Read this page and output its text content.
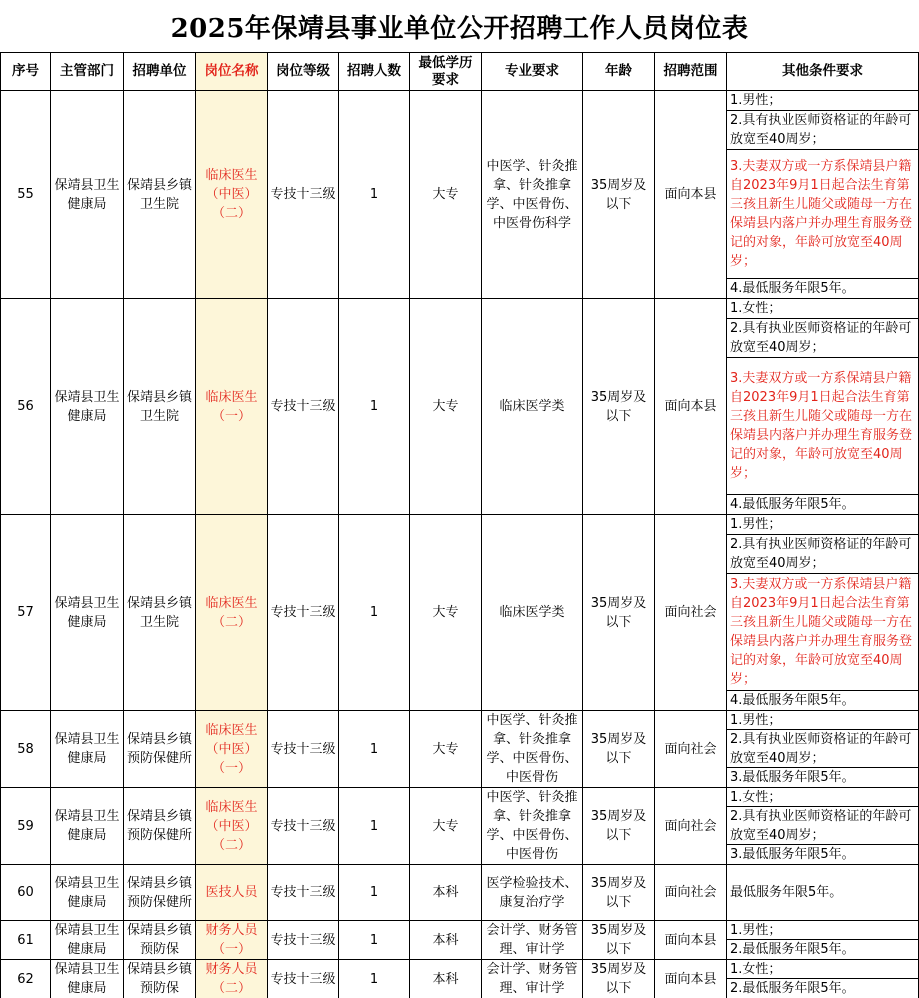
2025年保靖县事业单位公开招聘工作人员岗位表
序号	主管部门	招聘单位	岗位名称	岗位等级	招聘人数	最低学历要求	专业要求	年龄	招聘范围	其他条件要求
55	保靖县卫生健康局	保靖县乡镇卫生院	临床医生（中医）（二）	专技十三级	1	大专	中医学、针灸推拿、针灸推拿学、中医骨伤、中医骨伤科学	35周岁及以下	面向本县	1.男性；
2.具有执业医师资格证的年龄可放宽至40周岁；
3.夫妻双方或一方系保靖县户籍自2023年9月1日起合法生育第三孩且新生儿随父或随母一方在保靖县内落户并办理生育服务登记的对象，年龄可放宽至40周岁；
4.最低服务年限5年。

56	保靖县卫生健康局	保靖县乡镇卫生院	临床医生（一）	专技十三级	1	大专	临床医学类	35周岁及以下	面向本县	1.女性；
2.具有执业医师资格证的年龄可放宽至40周岁；
3.夫妻双方或一方系保靖县户籍自2023年9月1日起合法生育第三孩且新生儿随父或随母一方在保靖县内落户并办理生育服务登记的对象，年龄可放宽至40周岁；
4.最低服务年限5年。

57	保靖县卫生健康局	保靖县乡镇卫生院	临床医生（二）	专技十三级	1	大专	临床医学类	35周岁及以下	面向社会	1.男性；
2.具有执业医师资格证的年龄可放宽至40周岁；
3.夫妻双方或一方系保靖县户籍自2023年9月1日起合法生育第三孩且新生儿随父或随母一方在保靖县内落户并办理生育服务登记的对象，年龄可放宽至40周岁；
4.最低服务年限5年。

58	保靖县卫生健康局	保靖县乡镇预防保健所	临床医生（中医）（一）	专技十三级	1	大专	中医学、针灸推拿、针灸推拿学、中医骨伤、中医骨伤	35周岁及以下	面向社会	1.男性；
2.具有执业医师资格证的年龄可放宽至40周岁；
3.最低服务年限5年。

59	保靖县卫生健康局	保靖县乡镇预防保健所	临床医生（中医）（二）	专技十三级	1	大专	中医学、针灸推拿、针灸推拿学、中医骨伤、中医骨伤	35周岁及以下	面向社会	1.女性；
2.具有执业医师资格证的年龄可放宽至40周岁；
3.最低服务年限5年。

60	保靖县卫生健康局	保靖县乡镇预防保健所	医技人员	专技十三级	1	本科	医学检验技术、康复治疗学	35周岁及以下	面向社会	最低服务年限5年。
61	保靖县卫生健康局	保靖县乡镇预防保	财务人员（一）	专技十三级	1	本科	会计学、财务管理、审计学	35周岁及以下	面向本县	1.男性；
2.最低服务年限5年。

62	保靖县卫生健康局	保靖县乡镇预防保	财务人员（二）	专技十三级	1	本科	会计学、财务管理、审计学	35周岁及以下	面向本县	1.女性；
2.最低服务年限5年。
